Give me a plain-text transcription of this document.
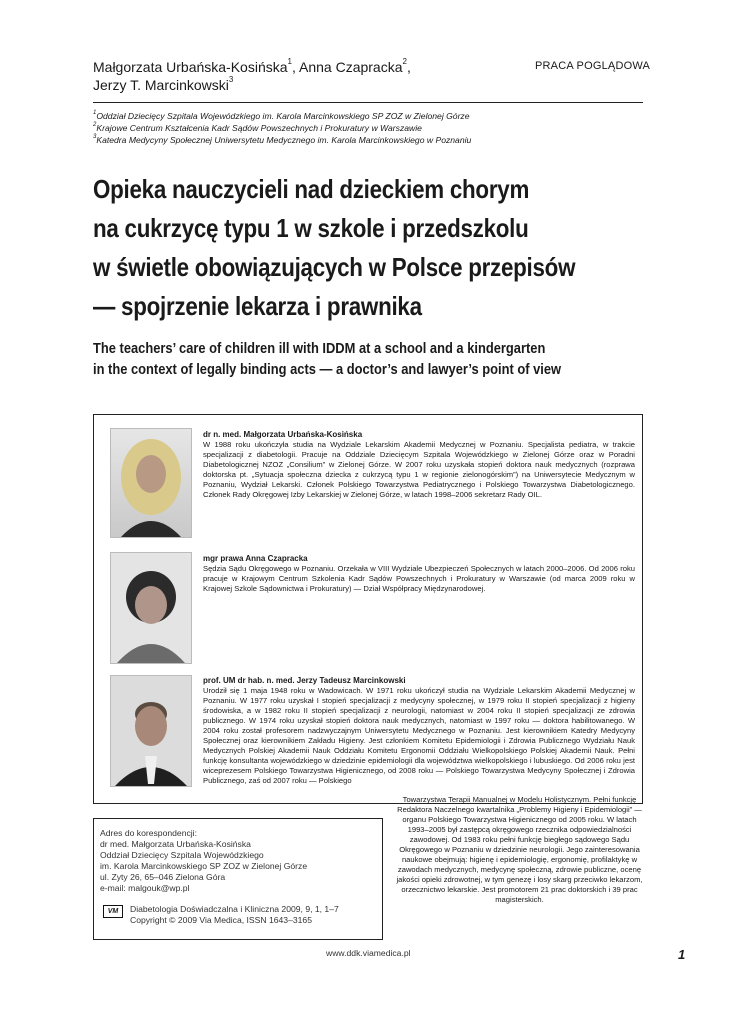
Małgorzata Urbańska-Kosińska$^1$, Anna Czapracka$^2$,
Jerzy T. Marcinkowski$^3$
PRACA POGLĄDOWA
$^1$Oddział Dziecięcy Szpitala Wojewódzkiego im. Karola Marcinkowskiego SP ZOZ w Zielonej Górze
$^2$Krajowe Centrum Kształcenia Kadr Sądów Powszechnych i Prokuratury w Warszawie
$^3$Katedra Medycyny Społecznej Uniwersytetu Medycznego im. Karola Marcinkowskiego w Poznaniu
Opieka nauczycieli nad dzieckiem chorym
na cukrzycę typu 1 w szkole i przedszkolu
w świetle obowiązujących w Polsce przepisów
— spojrzenie lekarza i prawnika
The teachers’ care of children ill with IDDM at a school and a kindergarten
in the context of legally binding acts — a doctor’s and lawyer’s point of view
dr n. med. Małgorzata Urbańska-Kosińska
W 1988 roku ukończyła studia na Wydziale Lekarskim Akademii Medycznej w Poznaniu. Specjalista pediatra, w trakcie specjalizacji z diabetologii. Pracuje na Oddziale Dziecięcym Szpitala Wojewódzkiego w Zielonej Górze oraz w Poradni Diabetologicznej NZOZ „Consilium” w Zielonej Górze. W 2007 roku uzyskała stopień doktora nauk medycznych (rozprawa doktorska pt. „Sytuacja społeczna dziecka z cukrzycą typu 1 w regionie zielonogórskim”) na Uniwersytecie Medycznym w Poznaniu, Wydział Lekarski. Członek Polskiego Towarzystwa Pediatrycznego i Polskiego Towarzystwa Diabetologicznego. Członek Rady Okręgowej Izby Lekarskiej w Zielonej Górze, w latach 1998–2006 sekretarz Rady OIL.
mgr prawa Anna Czapracka
Sędzia Sądu Okręgowego w Poznaniu. Orzekała w VIII Wydziale Ubezpieczeń Społecznych w latach 2000–2006. Od 2006 roku pracuje w Krajowym Centrum Szkolenia Kadr Sądów Powszechnych i Prokuratury w Warszawie (od marca 2009 roku w Krajowej Szkole Sądownictwa i Prokuratury) — Dział Współpracy Międzynarodowej.
prof. UM dr hab. n. med. Jerzy Tadeusz Marcinkowski
Urodził się 1 maja 1948 roku w Wadowicach. W 1971 roku ukończył studia na Wydziale Lekarskim Akademii Medycznej w Poznaniu. W 1977 roku uzyskał I stopień specjalizacji z medycyny społecznej, w 1979 roku II stopień specjalizacji z higieny środowiska, a w 1982 roku II stopień specjalizacji z neurologii, natomiast w 2004 roku II stopień specjalizacji ze zdrowia publicznego. W 1974 roku uzyskał stopień doktora nauk medycznych, natomiast w 1997 roku — doktora habilitowanego. W 2004 roku został profesorem nadzwyczajnym Uniwersytetu Medycznego w Poznaniu. Jest kierownikiem Katedry Medycyny Społecznej oraz kierownikiem Zakładu Higieny. Jest członkiem Komitetu Epidemiologii i Zdrowia Publicznego Wydziału Nauk Medycznych Polskiej Akademii Nauk Oddziału Komitetu Ergonomii Oddziału Wielkopolskiego Polskiej Akademii Nauk. Pełni funkcję konsultanta wojewódzkiego w dziedzinie epidemiologii dla województwa wielkopolskiego i lubuskiego. Od 2006 roku jest wiceprezesem Polskiego Towarzystwa Higienicznego, od 2008 roku — Polskiego Towarzystwa Medycyny Społecznej i Zdrowia Publicznego, zaś od 2007 roku — Polskiego
Towarzystwa Terapii Manualnej w Modelu Holistycznym. Pełni funkcję Redaktora Naczelnego kwartalnika „Problemy Higieny i Epidemiologii” — organu Polskiego Towarzystwa Higienicznego od 2005 roku. W latach 1993–2005 był zastępcą okręgowego rzecznika odpowiedzialności zawodowej. Od 1983 roku pełni funkcję biegłego sądowego Sądu Okręgowego w Poznaniu w dziedzinie neurologii. Jego zainteresowania naukowe obejmują: higienę i epidemiologię, ergonomię, profilaktykę w zawodach medycznych, medycynę społeczną, zdrowie publiczne, ocenę jakości opieki zdrowotnej, w tym genezę i losy skarg przeciwko lekarzom, orzecznictwo lekarskie. Jest promotorem 21 prac doktorskich i 39 prac magisterskich.
Adres do korespondencji:
dr med. Małgorzata Urbańska-Kosińska
Oddział Dziecięcy Szpitala Wojewódzkiego
im. Karola Marcinkowskiego SP ZOZ w Zielonej Górze
ul. Zyty 26, 65–046 Zielona Góra
e-mail: malgouk@wp.pl
VM	Diabetologia Doświadczalna i Kliniczna 2009, 9, 1, 1–7
Copyright © 2009 Via Medica, ISSN 1643–3165
www.ddk.viamedica.pl	1
